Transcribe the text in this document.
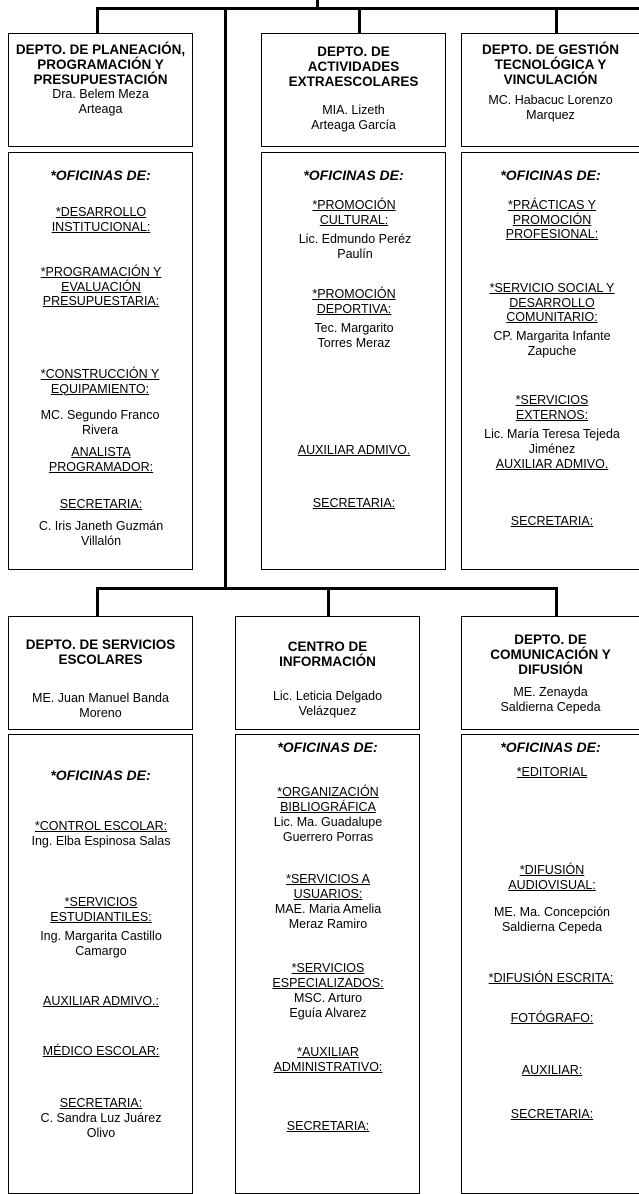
DEPTO. DE PLANEACIÓN, PROGRAMACIÓN Y PRESUPUESTACIÓN
Dra. Belem Meza Arteaga
DEPTO. DE ACTIVIDADES EXTRAESCOLARES
MIA. Lizeth Arteaga García
DEPTO. DE GESTIÓN TECNOLÓGICA Y VINCULACIÓN
MC. Habacuc Lorenzo Marquez
*OFICINAS DE:
*DESARROLLO INSTITUCIONAL:
*PROGRAMACIÓN Y EVALUACIÓN PRESUPUESTARIA:
*CONSTRUCCIÓN Y EQUIPAMIENTO:
MC. Segundo Franco Rivera
ANALISTA PROGRAMADOR:
SECRETARIA:
C. Iris Janeth Guzmán Villalón
*OFICINAS DE:
*PROMOCIÓN CULTURAL:
Lic. Edmundo Peréz Paulín
*PROMOCIÓN DEPORTIVA:
Tec. Margarito Torres Meraz
AUXILIAR ADMIVO.
SECRETARIA:
*OFICINAS DE:
*PRÁCTICAS Y PROMOCIÓN PROFESIONAL:
*SERVICIO SOCIAL Y DESARROLLO COMUNITARIO:
CP. Margarita Infante Zapuche
*SERVICIOS EXTERNOS:
Lic. María Teresa Tejeda Jiménez
AUXILIAR ADMIVO.
SECRETARIA:
DEPTO. DE SERVICIOS ESCOLARES
ME. Juan Manuel Banda Moreno
CENTRO DE INFORMACIÓN
Lic. Leticia Delgado Velázquez
DEPTO. DE COMUNICACIÓN Y DIFUSIÓN
ME. Zenayda Saldierna Cepeda
*OFICINAS DE:
*CONTROL ESCOLAR:
Ing. Elba Espinosa Salas
*SERVICIOS ESTUDIANTILES:
Ing. Margarita Castillo Camargo
AUXILIAR ADMIVO.:
MÉDICO ESCOLAR:
SECRETARIA:
C. Sandra Luz Juárez Olivo
*OFICINAS DE:
*ORGANIZACIÓN BIBLIOGRÁFICA
Lic. Ma. Guadalupe Guerrero Porras
*SERVICIOS A USUARIOS:
MAE. Maria Amelia Meraz Ramiro
*SERVICIOS ESPECIALIZADOS:
MSC. Arturo Eguía Alvarez
*AUXILIAR ADMINISTRATIVO:
SECRETARIA:
*OFICINAS DE:
*EDITORIAL
*DIFUSIÓN AUDIOVISUAL:
ME. Ma. Concepción Saldierna Cepeda
*DIFUSIÓN ESCRITA:
FOTÓGRAFO:
AUXILIAR:
SECRETARIA:
